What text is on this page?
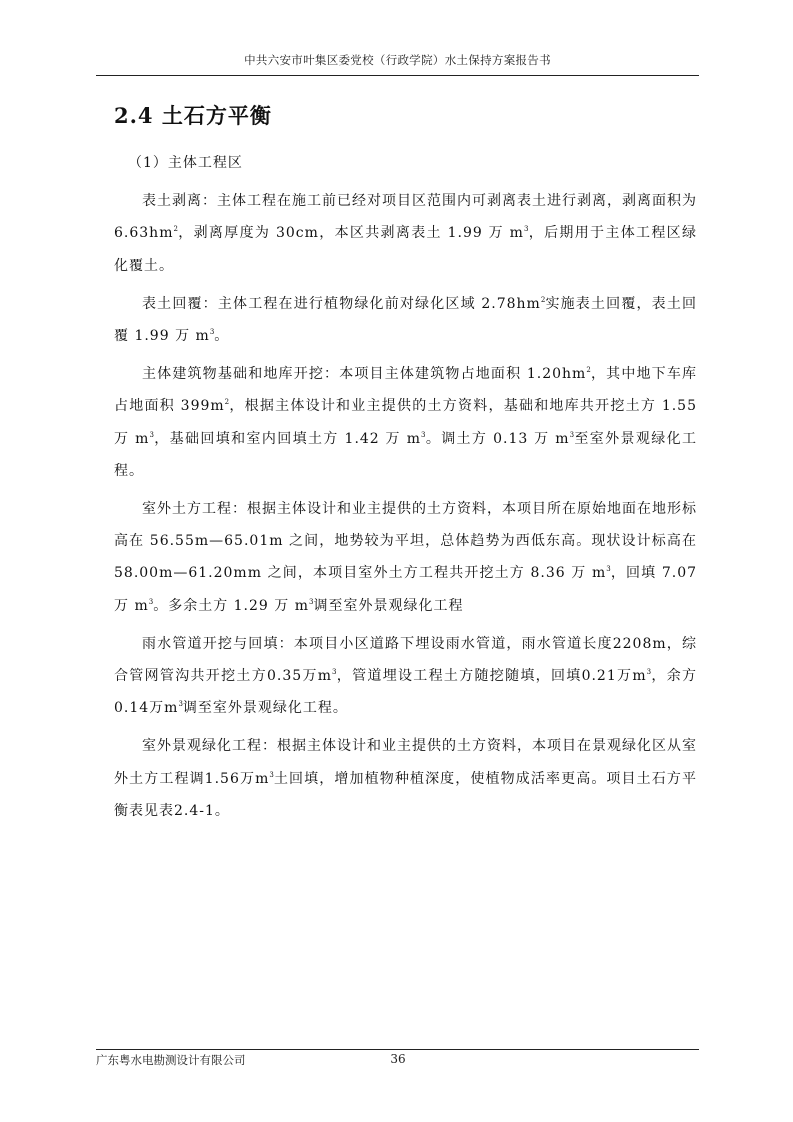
中共六安市叶集区委党校（行政学院）水土保持方案报告书
2.4 土石方平衡

（1）主体工程区

表土剥离：主体工程在施工前已经对项目区范围内可剥离表土进行剥离，剥离面积为 $6.63hm^2$，剥离厚度为 30cm，本区共剥离表土 1.99 万 $m^3$，后期用于主体工程区绿化覆土。

表土回覆：主体工程在进行植物绿化前对绿化区域 $2.78hm^2$实施表土回覆，表土回覆 1.99 万 $m^3$。

主体建筑物基础和地库开挖：本项目主体建筑物占地面积 $1.20hm^2$，其中地下车库占地面积 $399m^2$，根据主体设计和业主提供的土方资料，基础和地库共开挖土方 1.55 万 $m^3$，基础回填和室内回填土方 1.42 万 $m^3$。调土方 0.13 万 $m^3$至室外景观绿化工程。

室外土方工程：根据主体设计和业主提供的土方资料，本项目所在原始地面在地形标高在 56.55m—65.01m 之间，地势较为平坦，总体趋势为西低东高。现状设计标高在 58.00m—61.20mm 之间，本项目室外土方工程共开挖土方 8.36 万 $m^3$，回填 7.07 万 $m^3$。多余土方 1.29 万 $m^3$调至室外景观绿化工程

雨水管道开挖与回填：本项目小区道路下埋设雨水管道，雨水管道长度2208m，综合管网管沟共开挖土方0.35万$m^3$，管道埋设工程土方随挖随填，回填0.21万$m^3$，余方0.14万$m^3$调至室外景观绿化工程。

室外景观绿化工程：根据主体设计和业主提供的土方资料，本项目在景观绿化区从室外土方工程调1.56万$m^3$土回填，增加植物种植深度，使植物成活率更高。项目土石方平衡表见表2.4-1。

广东粤水电勘测设计有限公司	36
